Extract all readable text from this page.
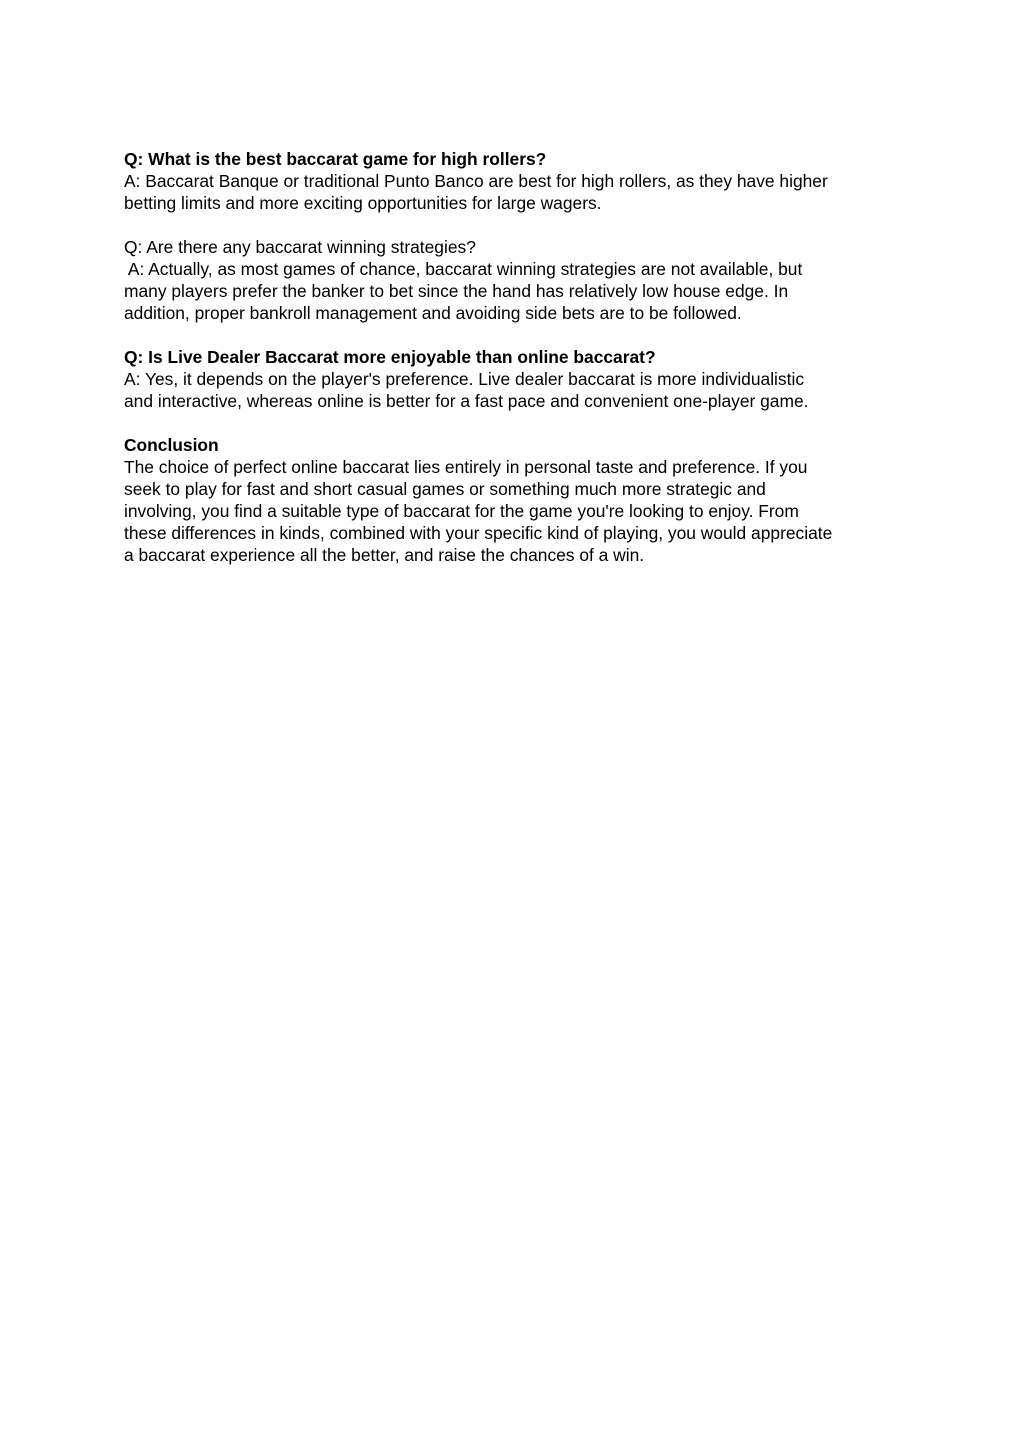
Q: What is the best baccarat game for high rollers?
A: Baccarat Banque or traditional Punto Banco are best for high rollers, as they have higher
betting limits and more exciting opportunities for large wagers.
Q: Are there any baccarat winning strategies?
A: Actually, as most games of chance, baccarat winning strategies are not available, but
many players prefer the banker to bet since the hand has relatively low house edge. In
addition, proper bankroll management and avoiding side bets are to be followed.
Q: Is Live Dealer Baccarat more enjoyable than online baccarat?
A: Yes, it depends on the player's preference. Live dealer baccarat is more individualistic
and interactive, whereas online is better for a fast pace and convenient one-player game.
Conclusion
The choice of perfect online baccarat lies entirely in personal taste and preference. If you
seek to play for fast and short casual games or something much more strategic and
involving, you find a suitable type of baccarat for the game you're looking to enjoy. From
these differences in kinds, combined with your specific kind of playing, you would appreciate
a baccarat experience all the better, and raise the chances of a win.
